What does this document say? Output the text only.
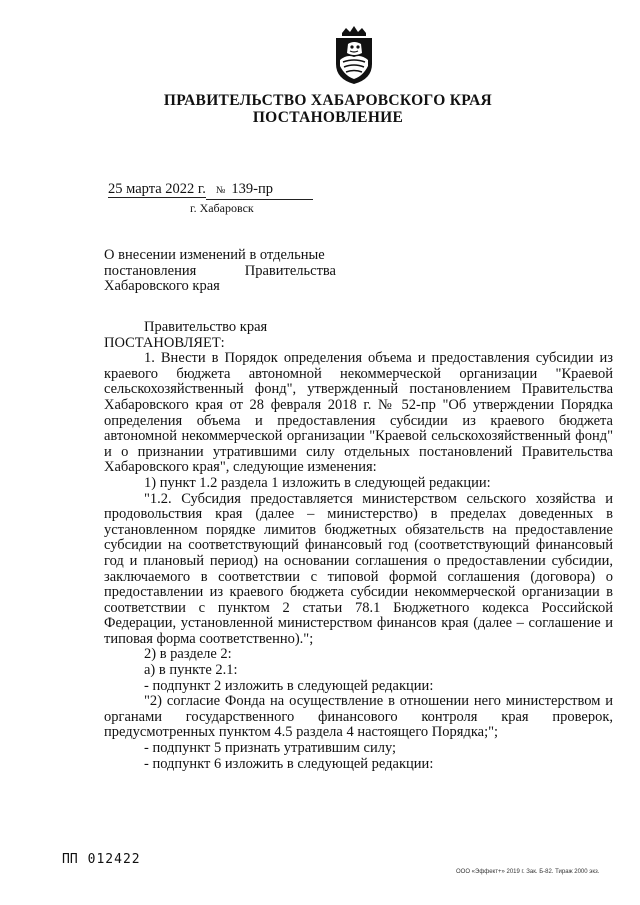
ПРАВИТЕЛЬСТВО ХАБАРОВСКОГО КРАЯ
ПОСТАНОВЛЕНИЕ
25 марта 2022 г. № 139-пр
г. Хабаровск
О внесении изменений в отдельные
постановления	Правительства
Хабаровского края

Правительство края

ПОСТАНОВЛЯЕТ:

1. Внести в Порядок определения объема и предоставления субсидии из краевого бюджета автономной некоммерческой организации "Краевой сельскохозяйственный фонд", утвержденный постановлением Правительства Хабаровского края от 28 февраля 2018 г. № 52-пр "Об утверждении Порядка определения объема и предоставления субсидии из краевого бюджета автономной некоммерческой организации "Краевой сельскохозяйственный фонд" и о признании утратившими силу отдельных постановлений Правительства Хабаровского края", следующие изменения:

1) пункт 1.2 раздела 1 изложить в следующей редакции:

"1.2. Субсидия предоставляется министерством сельского хозяйства и продовольствия края (далее – министерство) в пределах доведенных в установленном порядке лимитов бюджетных обязательств на предоставление субсидии на соответствующий финансовый год (соответствующий финансовый год и плановый период) на основании соглашения о предоставлении субсидии, заключаемого в соответствии с типовой формой соглашения (договора) о предоставлении из краевого бюджета субсидии некоммерческой организации в соответствии с пунктом 2 статьи 78.1 Бюджетного кодекса Российской Федерации, установленной министерством финансов края (далее – соглашение и типовая форма соответственно).";

2) в разделе 2:

а) в пункте 2.1:

- подпункт 2 изложить в следующей редакции:

"2) согласие Фонда на осуществление в отношении него министерством и органами государственного финансового контроля края проверок, предусмотренных пунктом 4.5 раздела 4 настоящего Порядка;";

- подпункт 5 признать утратившим силу;

- подпункт 6 изложить в следующей редакции:

ПП 012422
ООО «Эффект+» 2019 г. Зак. Б-82. Тираж 2000 экз.
